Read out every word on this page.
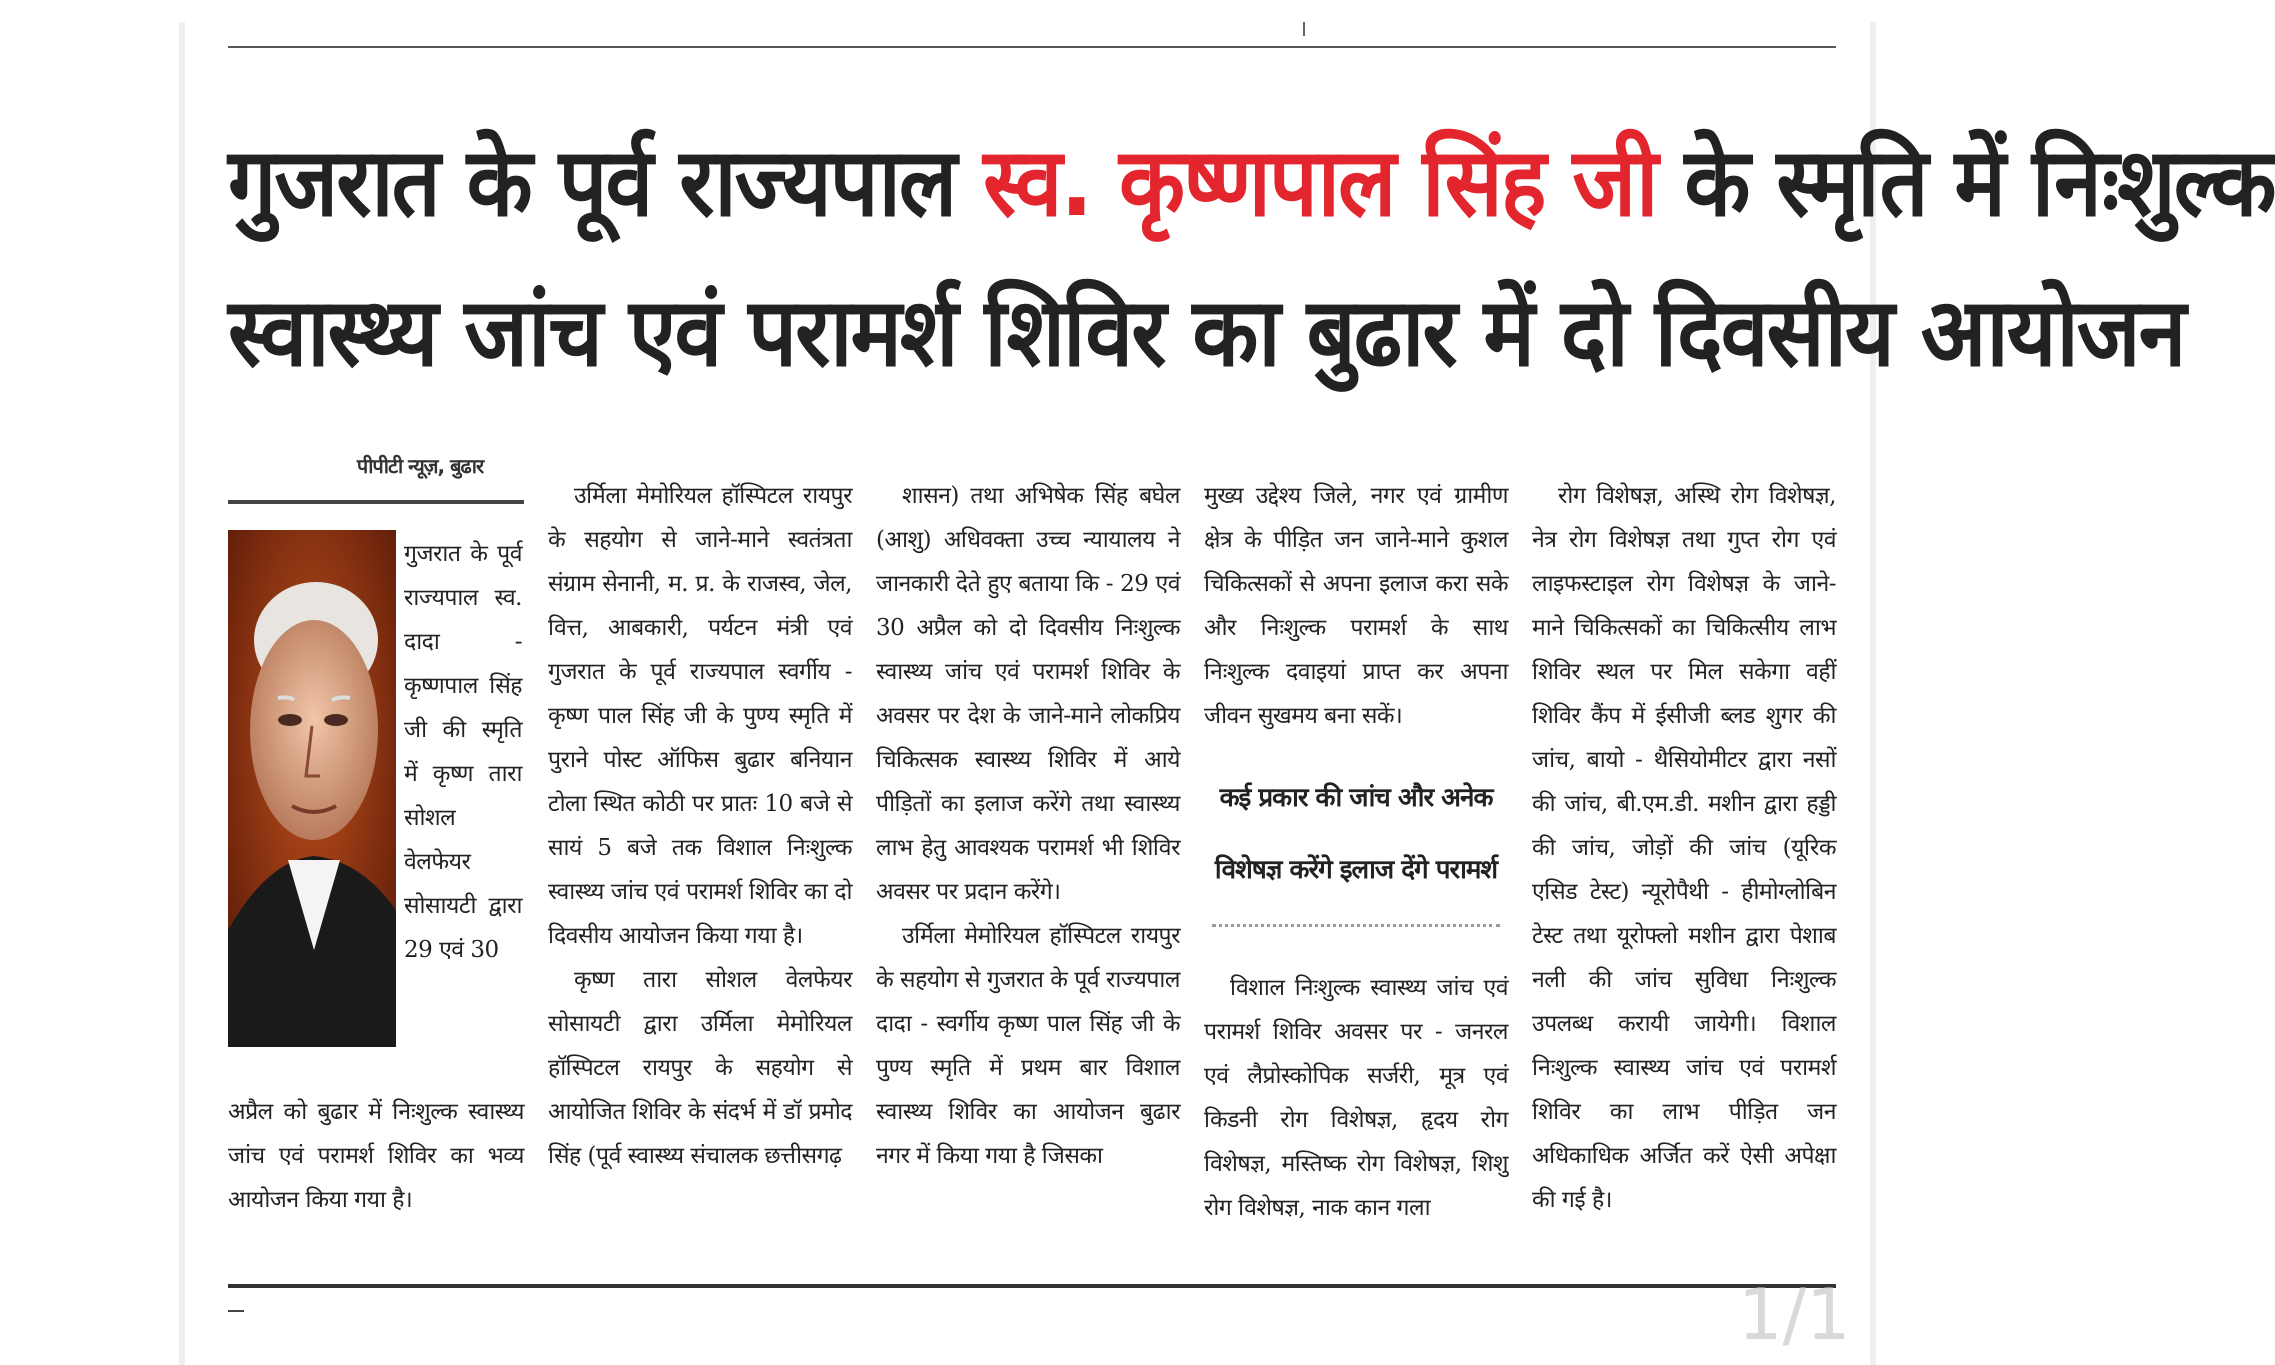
गुजरात के पूर्व राज्यपाल स्व. कृष्णपाल सिंह जी के स्मृति में निःशुल्क
स्वास्थ्य जांच एवं परामर्श शिविर का बुढार में दो दिवसीय आयोजन
पीपीटी न्यूज़, बुढार

गुजरात के पूर्व राज्यपाल स्व. दादा - कृष्णपाल सिंह जी की स्मृति में कृष्ण तारा सोशल वेलफेयर सोसायटी द्वारा 29 एवं 30

अप्रैल को बुढार में निःशुल्क स्वास्थ्य जांच एवं परामर्श शिविर का भव्य आयोजन किया गया है।

उर्मिला मेमोरियल हॉस्पिटल रायपुर के सहयोग से जाने-माने स्वतंत्रता संग्राम सेनानी, म. प्र. के राजस्व, जेल, वित्त, आबकारी, पर्यटन मंत्री एवं गुजरात के पूर्व राज्यपाल स्वर्गीय - कृष्ण पाल सिंह जी के पुण्य स्मृति में पुराने पोस्ट ऑफिस बुढार बनियान टोला स्थित कोठी पर प्रातः 10 बजे से सायं 5 बजे तक विशाल निःशुल्क स्वास्थ्य जांच एवं परामर्श शिविर का दो दिवसीय आयोजन किया गया है।

कृष्ण तारा सोशल वेलफेयर सोसायटी द्वारा उर्मिला मेमोरियल हॉस्पिटल रायपुर के सहयोग से आयोजित शिविर के संदर्भ में डॉ प्रमोद सिंह (पूर्व स्वास्थ्य संचालक छत्तीसगढ़

शासन) तथा अभिषेक सिंह बघेल (आशु) अधिवक्ता उच्च न्यायालय ने जानकारी देते हुए बताया कि - 29 एवं 30 अप्रैल को दो दिवसीय निःशुल्क स्वास्थ्य जांच एवं परामर्श शिविर के अवसर पर देश के जाने-माने लोकप्रिय चिकित्सक स्वास्थ्य शिविर में आये पीड़ितों का इलाज करेंगे तथा स्वास्थ्य लाभ हेतु आवश्यक परामर्श भी शिविर अवसर पर प्रदान करेंगे।

उर्मिला मेमोरियल हॉस्पिटल रायपुर के सहयोग से गुजरात के पूर्व राज्यपाल दादा - स्वर्गीय कृष्ण पाल सिंह जी के पुण्य स्मृति में प्रथम बार विशाल स्वास्थ्य शिविर का आयोजन बुढार नगर में किया गया है जिसका

मुख्य उद्देश्य जिले, नगर एवं ग्रामीण क्षेत्र के पीड़ित जन जाने-माने कुशल चिकित्सकों से अपना इलाज करा सके और निःशुल्क परामर्श के साथ निःशुल्क दवाइयां प्राप्त कर अपना जीवन सुखमय बना सकें।

कई प्रकार की जांच और अनेक
विशेषज्ञ करेंगे इलाज देंगे परामर्श

विशाल निःशुल्क स्वास्थ्य जांच एवं परामर्श शिविर अवसर पर - जनरल एवं लैप्रोस्कोपिक सर्जरी, मूत्र एवं किडनी रोग विशेषज्ञ, हृदय रोग विशेषज्ञ, मस्तिष्क रोग विशेषज्ञ, शिशु रोग विशेषज्ञ, नाक कान गला

रोग विशेषज्ञ, अस्थि रोग विशेषज्ञ, नेत्र रोग विशेषज्ञ तथा गुप्त रोग एवं लाइफस्टाइल रोग विशेषज्ञ के जाने-माने चिकित्सकों का चिकित्सीय लाभ शिविर स्थल पर मिल सकेगा वहीं शिविर कैंप में ईसीजी ब्लड शुगर की जांच, बायो - थैसियोमीटर द्वारा नसों की जांच, बी.एम.डी. मशीन द्वारा हड्डी की जांच, जोड़ों की जांच (यूरिक एसिड टेस्ट) न्यूरोपैथी - हीमोग्लोबिन टेस्ट तथा यूरोफ्लो मशीन द्वारा पेशाब नली की जांच सुविधा निःशुल्क उपलब्ध करायी जायेगी। विशाल निःशुल्क स्वास्थ्य जांच एवं परामर्श शिविर का लाभ पीड़ित जन अधिकाधिक अर्जित करें ऐसी अपेक्षा की गई है।

1/1
